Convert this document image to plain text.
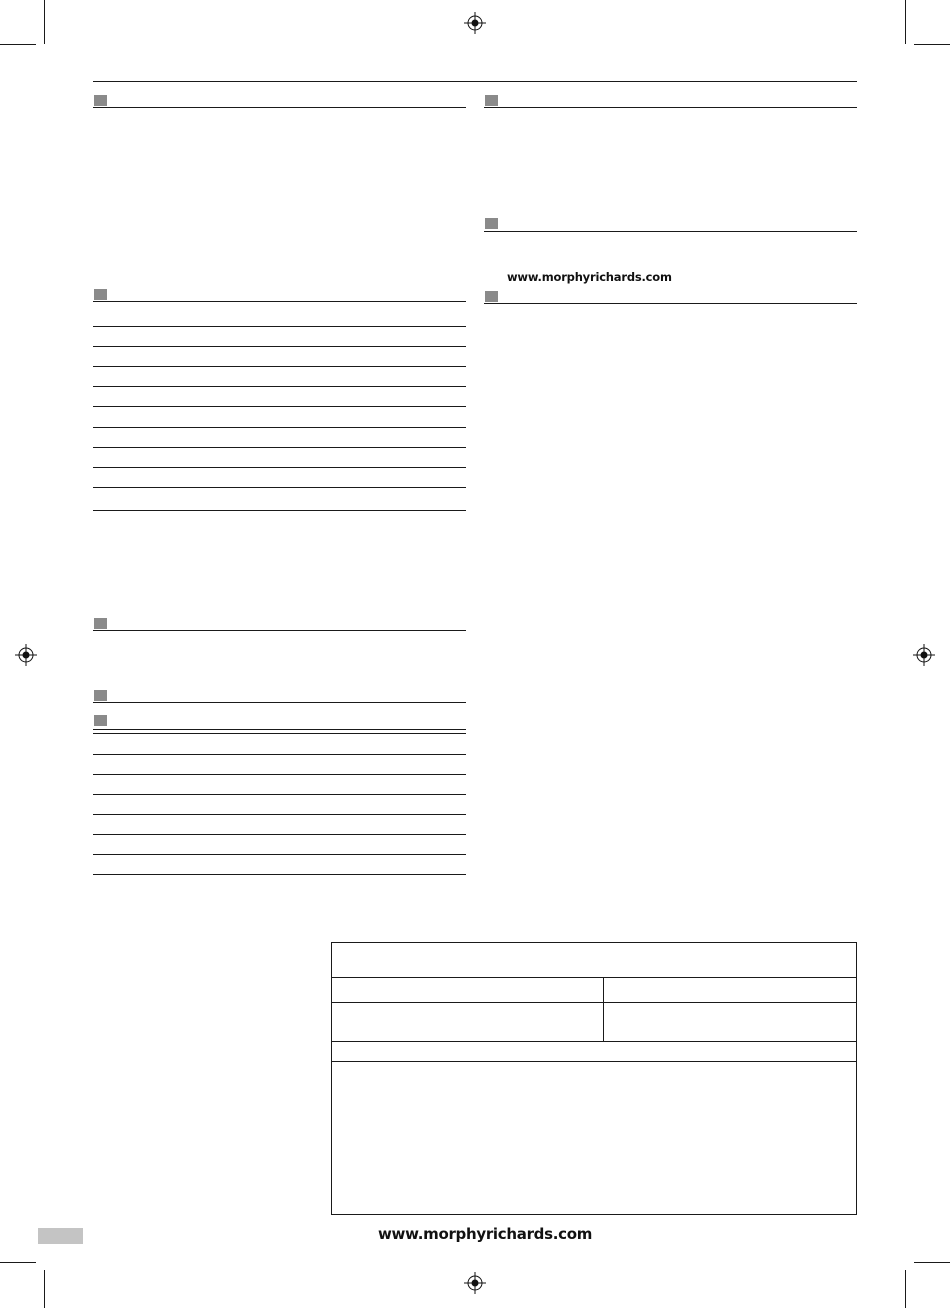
www.morphyrichards.com
www.morphyrichards.com
